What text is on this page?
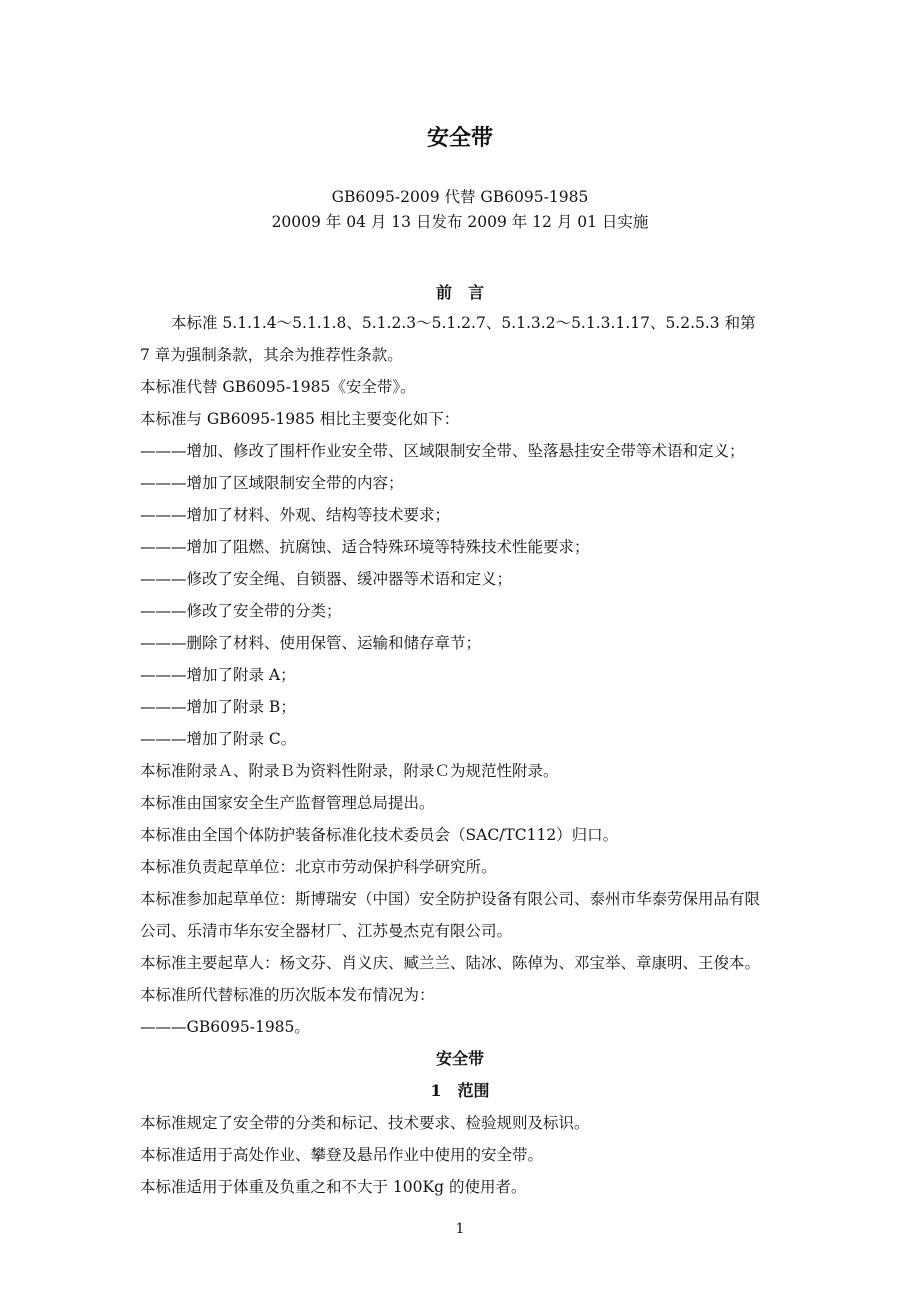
安全带
GB6095-2009 代替 GB6095-1985
20009 年 04 月 13 日发布 2009 年 12 月 01 日实施
前　言
本标准 5.1.1.4～5.1.1.8、5.1.2.3～5.1.2.7、5.1.3.2～5.1.3.1.17、5.2.5.3 和第
7 章为强制条款，其余为推荐性条款。
本标准代替 GB6095-1985《安全带》。
本标准与 GB6095-1985 相比主要变化如下：
———增加、修改了围杆作业安全带、区域限制安全带、坠落悬挂安全带等术语和定义；
———增加了区域限制安全带的内容；
———增加了材料、外观、结构等技术要求；
———增加了阻燃、抗腐蚀、适合特殊环境等特殊技术性能要求；
———修改了安全绳、自锁器、缓冲器等术语和定义；
———修改了安全带的分类；
———删除了材料、使用保管、运输和储存章节；
———增加了附录 A；
———增加了附录 B；
———增加了附录 C。
本标准附录Ａ、附录Ｂ为资料性附录，附录Ｃ为规范性附录。
本标准由国家安全生产监督管理总局提出。
本标准由全国个体防护装备标准化技术委员会（SAC/TC112）归口。
本标准负责起草单位：北京市劳动保护科学研究所。
本标准参加起草单位：斯博瑞安（中国）安全防护设备有限公司、泰州市华泰劳保用品有限
公司、乐清市华东安全器材厂、江苏曼杰克有限公司。
本标准主要起草人：杨文芬、肖义庆、臧兰兰、陆冰、陈倬为、邓宝举、章康明、王俊本。
本标准所代替标准的历次版本发布情况为：
———GB6095-1985。
安全带
1　范围
本标准规定了安全带的分类和标记、技术要求、检验规则及标识。
本标准适用于高处作业、攀登及悬吊作业中使用的安全带。
本标准适用于体重及负重之和不大于 100Kg 的使用者。
1
